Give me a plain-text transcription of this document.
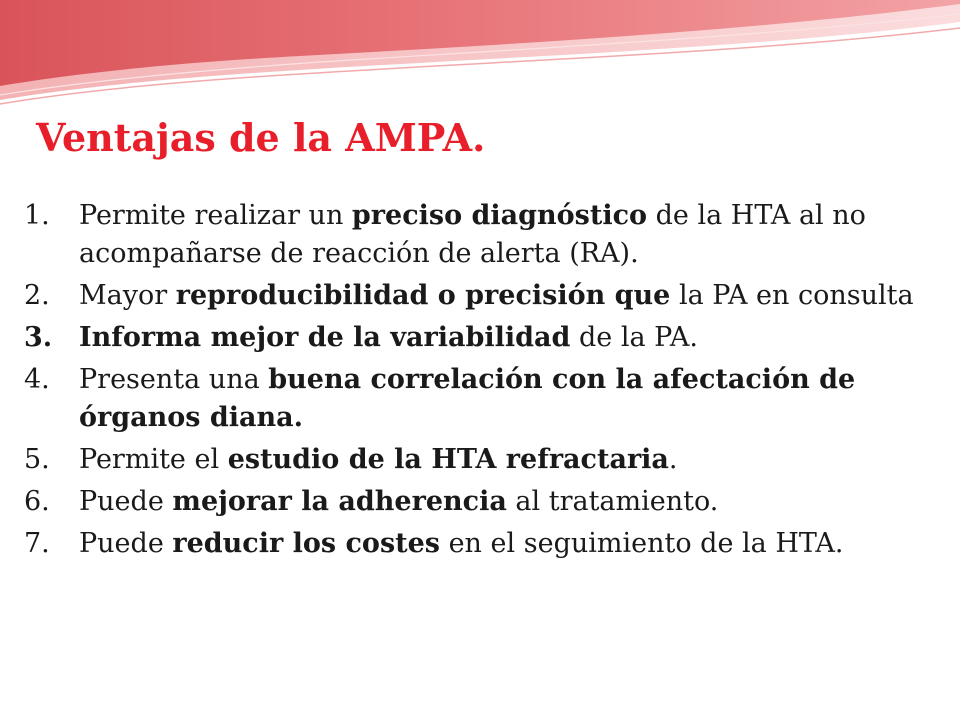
Ventajas de la AMPA.
1.	Permite realizar un preciso diagnóstico de la HTA al no acompañarse de reacción de alerta (RA).
2.	Mayor reproducibilidad o precisión que la PA en consulta
3. Informa mejor de la variabilidad de la PA.
4.	Presenta una buena correlación con la afectación de órganos diana.
5.	Permite el estudio de la HTA refractaria.
6.	Puede mejorar la adherencia al tratamiento.
7.	Puede reducir los costes en el seguimiento de la HTA.
